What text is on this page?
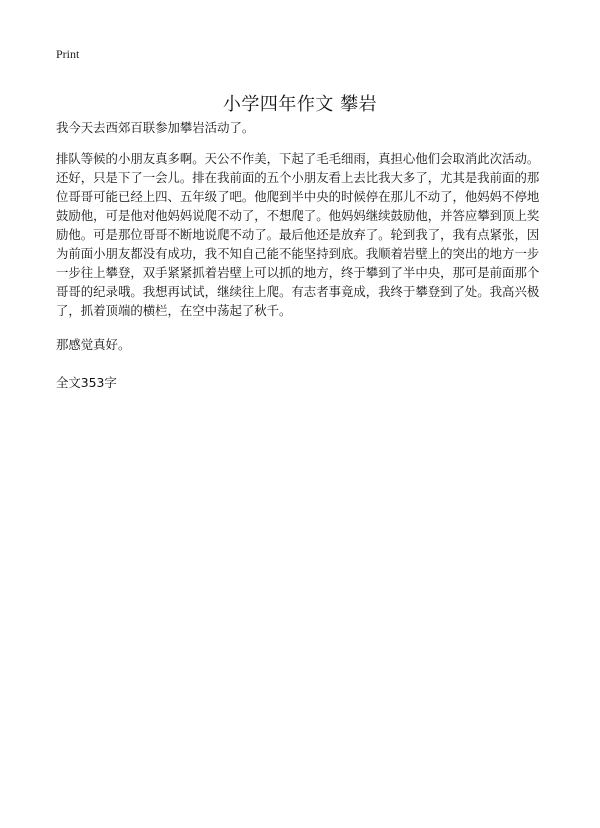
Print
小学四年作文 攀岩

我今天去西郊百联参加攀岩活动了。

排队等候的小朋友真多啊。天公不作美，下起了毛毛细雨，真担心他们会取消此次活动。还好，只是下了一会儿。排在我前面的五个小朋友看上去比我大多了，尤其是我前面的那位哥哥可能已经上四、五年级了吧。他爬到半中央的时候停在那儿不动了，他妈妈不停地鼓励他，可是他对他妈妈说爬不动了，不想爬了。他妈妈继续鼓励他，并答应攀到顶上奖励他。可是那位哥哥不断地说爬不动了。最后他还是放弃了。轮到我了，我有点紧张，因为前面小朋友都没有成功，我不知自己能不能坚持到底。我顺着岩壁上的突出的地方一步一步往上攀登，双手紧紧抓着岩壁上可以抓的地方，终于攀到了半中央，那可是前面那个哥哥的纪录哦。我想再试试，继续往上爬。有志者事竟成，我终于攀登到了处。我高兴极了，抓着顶端的横栏，在空中荡起了秋千。

那感觉真好。

全文353字
